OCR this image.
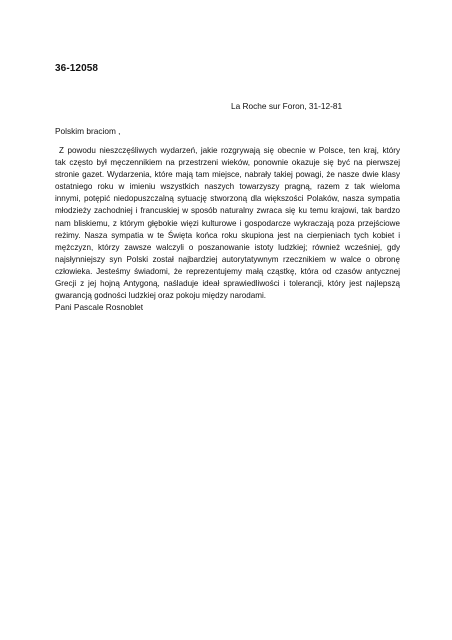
36-12058
La Roche sur Foron, 31-12-81
Polskim braciom ,
Z powodu nieszczęśliwych wydarzeń, jakie rozgrywają się obecnie w Polsce, ten kraj, który
tak często był męczennikiem na przestrzeni wieków, ponownie okazuje się być na pierwszej
stronie gazet. Wydarzenia, które mają tam miejsce, nabrały takiej powagi, że nasze dwie klasy
ostatniego roku w imieniu wszystkich naszych towarzyszy pragną, razem z tak wieloma
innymi, potępić niedopuszczalną sytuację stworzoną dla większości Polaków, nasza sympatia
młodzieży zachodniej i francuskiej w sposób naturalny zwraca się ku temu krajowi, tak bardzo
nam bliskiemu, z którym głębokie więzi kulturowe i gospodarcze wykraczają poza przejściowe
reżimy. Nasza sympatia w te Święta końca roku skupiona jest na cierpieniach tych kobiet i
mężczyzn, którzy zawsze walczyli o poszanowanie istoty ludzkiej; również wcześniej, gdy
najsłynniejszy syn Polski został najbardziej autorytatywnym rzecznikiem w walce o obronę
człowieka. Jesteśmy świadomi, że reprezentujemy małą cząstkę, która od czasów antycznej
Grecji z jej hojną Antygoną, naśladuje ideał sprawiedliwości i tolerancji, który jest najlepszą
gwarancją godności ludzkiej oraz pokoju między narodami.
Pani Pascale Rosnoblet
